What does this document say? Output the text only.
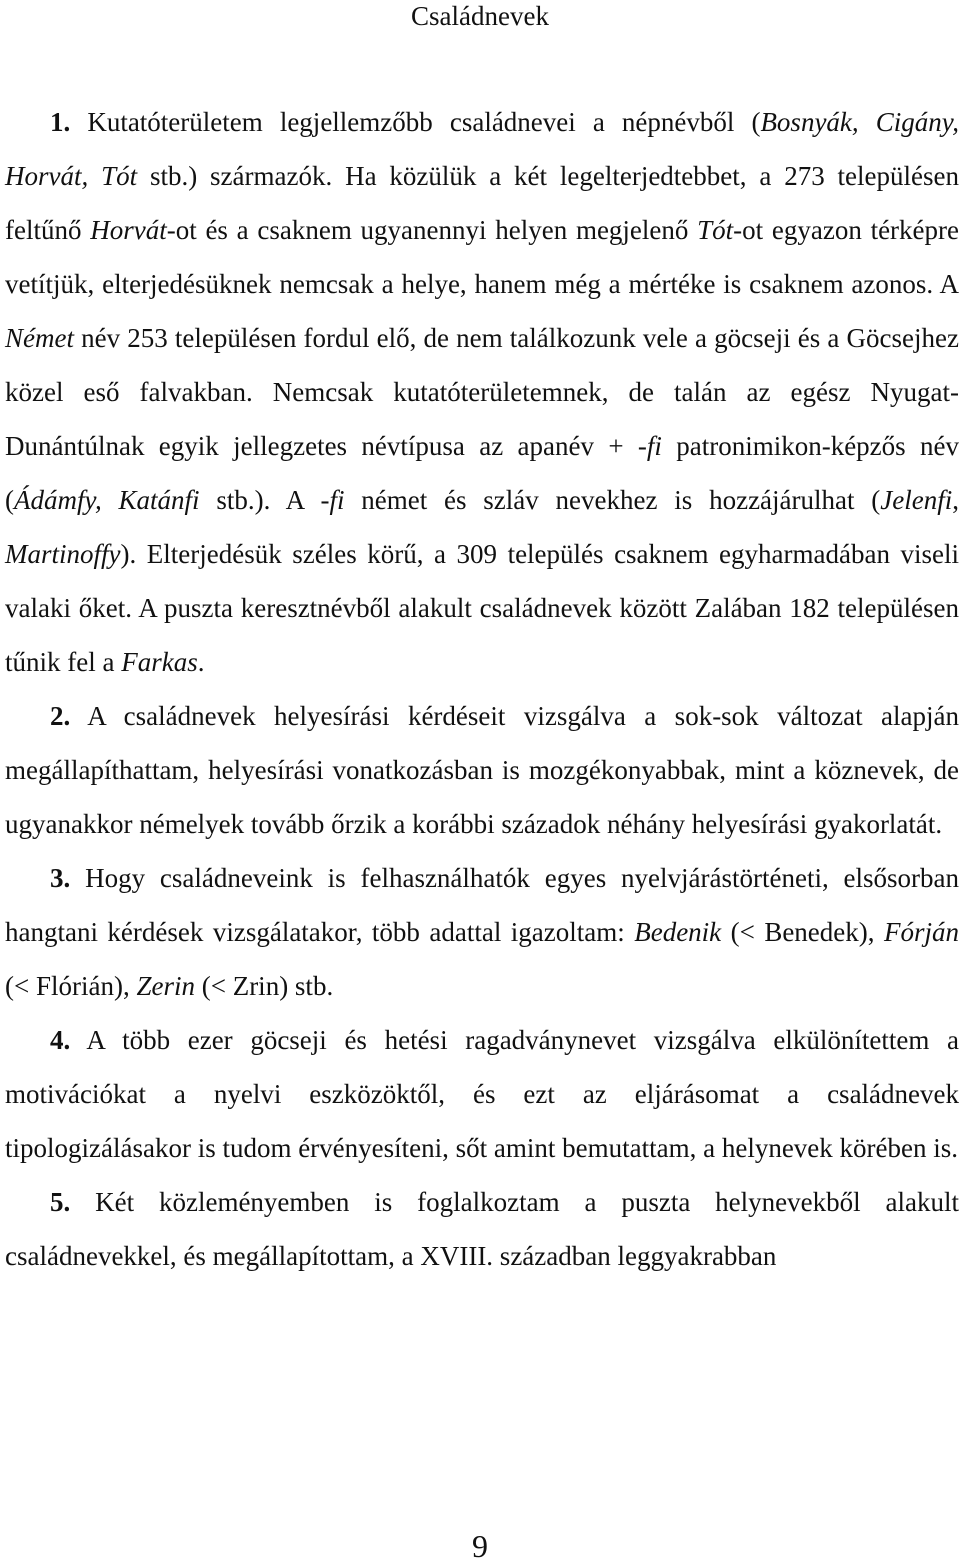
Családnevek

1. Kutatóterületem legjellemzőbb családnevei a népnévből (Bosnyák, Cigány, Horvát, Tót stb.) származók. Ha közülük a két legelterjedtebbet, a 273 településen feltűnő Horvát-ot és a csaknem ugyanennyi helyen megjelenő Tót-ot egyazon térképre vetítjük, elterjedésüknek nemcsak a helye, hanem még a mértéke is csaknem azonos. A Német név 253 településen fordul elő, de nem találkozunk vele a göcseji és a Göcsejhez közel eső falvakban. Nemcsak kutatóterületemnek, de talán az egész Nyugat-Dunántúlnak egyik jellegzetes névtípusa az apanév + -fi patronimikon-képzős név (Ádámfy, Katánfi stb.). A -fi német és szláv nevekhez is hozzájárulhat (Jelenfi, Martinoffy). Elterjedésük széles körű, a 309 település csaknem egyharmadában viseli valaki őket. A puszta keresztnévből alakult családnevek között Zalában 182 településen tűnik fel a Farkas.

2. A családnevek helyesírási kérdéseit vizsgálva a sok-sok változat alapján megállapíthattam, helyesírási vonatkozásban is mozgékonyabbak, mint a köznevek, de ugyanakkor némelyek tovább őrzik a korábbi századok néhány helyesírási gyakorlatát.

3. Hogy családneveink is felhasználhatók egyes nyelvjárástörténeti, elsősorban hangtani kérdések vizsgálatakor, több adattal igazoltam: Bedenik (< Benedek), Fórján (< Flórián), Zerin (< Zrin) stb.

4. A több ezer göcseji és hetési ragadványnevet vizsgálva elkülönítettem a motivációkat a nyelvi eszközöktől, és ezt az eljárásomat a családnevek tipologizálásakor is tudom érvényesíteni, sőt amint bemutattam, a helynevek körében is.

5. Két közleményemben is foglalkoztam a puszta helynevekből alakult családnevekkel, és megállapítottam, a XVIII. században leggyakrabban

9
